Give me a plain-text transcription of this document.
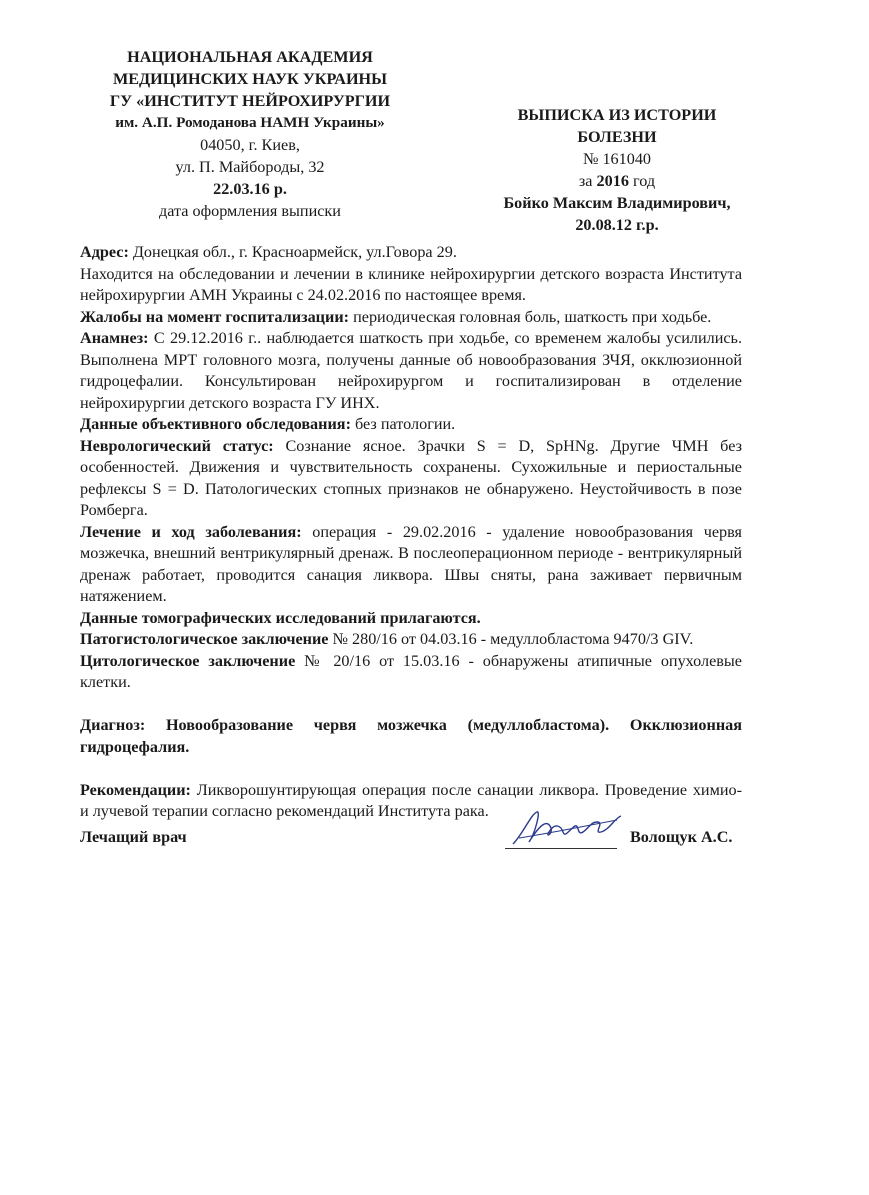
НАЦИОНАЛЬНАЯ АКАДЕМИЯ
МЕДИЦИНСКИХ НАУК УКРАИНЫ
ГУ «ИНСТИТУТ НЕЙРОХИРУРГИИ
им. А.П. Ромоданова НАМН Украины»
04050, г. Киев,
ул. П. Майбороды, 32
22.03.16 р.
дата оформления выписки
ВЫПИСКА ИЗ ИСТОРИИ
БОЛЕЗНИ
№ 161040
за 2016 год
Бойко Максим Владимирович,
20.08.12 г.р.

Адрес: Донецкая обл., г. Красноармейск, ул.Говора 29.

Находится на обследовании и лечении в клинике нейрохирургии детского возраста Института нейрохирургии АМН Украины с 24.02.2016 по настоящее время.

Жалобы на момент госпитализации: периодическая головная боль, шаткость при ходьбе.

Анамнез: С 29.12.2016 г.. наблюдается шаткость при ходьбе, со временем жалобы усилились. Выполнена МРТ головного мозга, получены данные об новообразования ЗЧЯ, окклюзионной гидроцефалии. Консультирован нейрохирургом и госпитализирован в отделение нейрохирургии детского возраста ГУ ИНХ.

Данные объективного обследования: без патологии.

Неврологический статус: Сознание ясное. Зрачки S = D, SpHNg. Другие ЧМН без особенностей. Движения и чувствительность сохранены. Сухожильные и периостальные рефлексы S = D. Патологических стопных признаков не обнаружено. Неустойчивость в позе Ромберга.

Лечение и ход заболевания: операция - 29.02.2016 - удаление новообразования червя мозжечка, внешний вентрикулярный дренаж. В послеоперационном периоде - вентрикулярный дренаж работает, проводится санация ликвора. Швы сняты, рана заживает первичным натяжением.

Данные томографических исследований прилагаются.

Патогистологическое заключение № 280/16 от 04.03.16 - медуллобластома 9470/3 GIV.

Цитологическое заключение № 20/16 от 15.03.16 - обнаружены атипичные опухолевые клетки.

Диагноз: Новообразование червя мозжечка (медуллобластома). Окклюзионная гидроцефалия.

Рекомендации: Ликворошунтирующая операция после санации ликвора. Проведение химио- и лучевой терапии согласно рекомендаций Института рака.

Лечащий врач	Волощук А.С.
